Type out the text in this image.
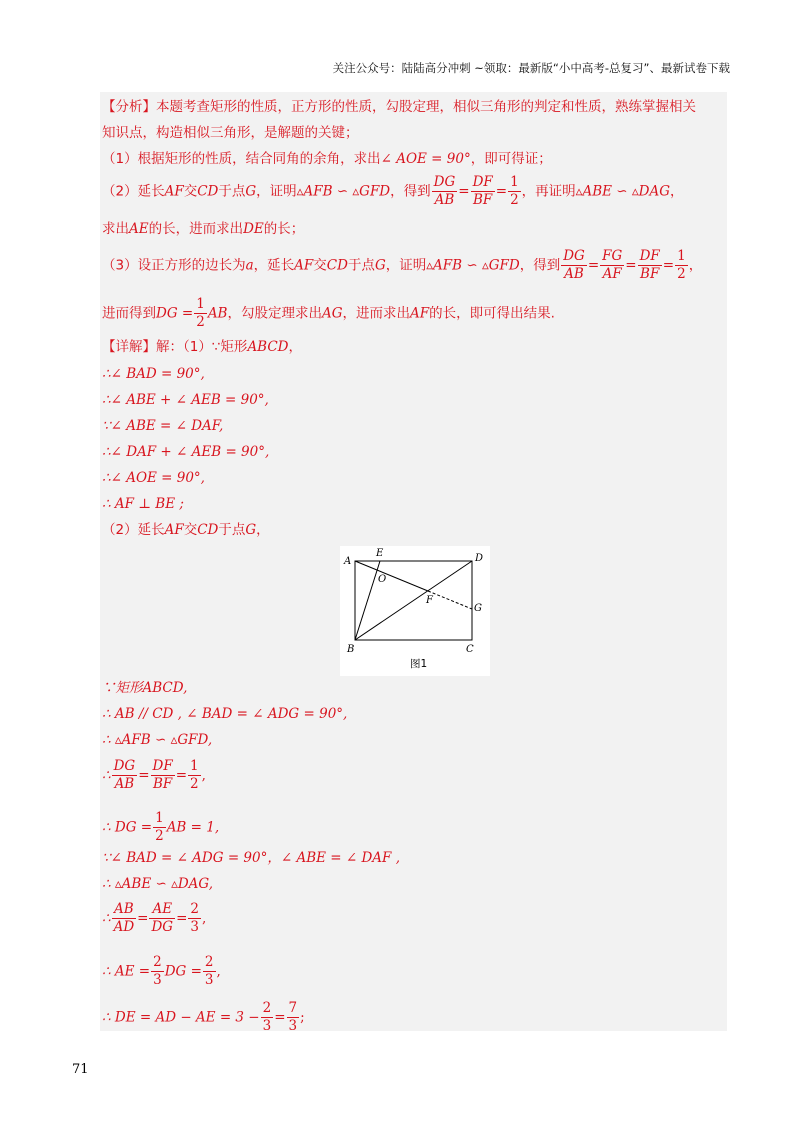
关注公众号：陆陆高分冲刺 ~领取：最新版“小中高考-总复习”、最新试卷下载
【分析】本题考查矩形的性质，正方形的性质，勾股定理，相似三角形的判定和性质，熟练掌握相关
知识点，构造相似三角形，是解题的关键；
（1）根据矩形的性质，结合同角的余角，求出∠ AOE = 90°，即可得证；
（2）延长AF交CD于点G，证明▵AFB ∽ ▵GFD，得到 $\frac{DG}{AB} = \frac{DF}{BF} = \frac{1}{2}$ ，再证明▵ABE ∽ ▵DAG，
求出AE的长，进而求出DE的长；
（3）设正方形的边长为a，延长AF交CD于点G，证明▵AFB ∽ ▵GFD，得到 $\frac{DG}{AB} = \frac{FG}{AF} = \frac{DF}{BF} = \frac{1}{2}$ ，
进而得到DG = $\frac{1}{2}$ AB，勾股定理求出AG，进而求出AF的长，即可得出结果.
【详解】解：（1）∵矩形ABCD，
∴∠ BAD = 90°,
∴∠ ABE + ∠ AEB = 90°,
∵∠ ABE = ∠ DAF,
∴∠ DAF + ∠ AEB = 90°,
∴∠ AOE = 90°,
∴ AF ⊥ BE ;
（2）延长AF交CD于点G，
∵矩形ABCD,
∴ AB // CD , ∠ BAD = ∠ ADG = 90°,
∴ ▵AFB ∽ ▵GFD,
∴ $\frac{DG}{AB} = \frac{DF}{BF} = \frac{1}{2}$ ,
∴ DG = $\frac{1}{2}$ AB = 1,
∵∠ BAD = ∠ ADG = 90°，∠ ABE = ∠ DAF ,
∴ ▵ABE ∽ ▵DAG,
∴ $\frac{AB}{AD} = \frac{AE}{DG} = \frac{2}{3}$ ,
∴ AE = $\frac{2}{3}$ DG = $\frac{2}{3}$ ,
∴ DE = AD − AE = $3 - \frac{2}{3} = \frac{7}{3}$ ;
A
E	D
O
F
G
B	C
图1
71
